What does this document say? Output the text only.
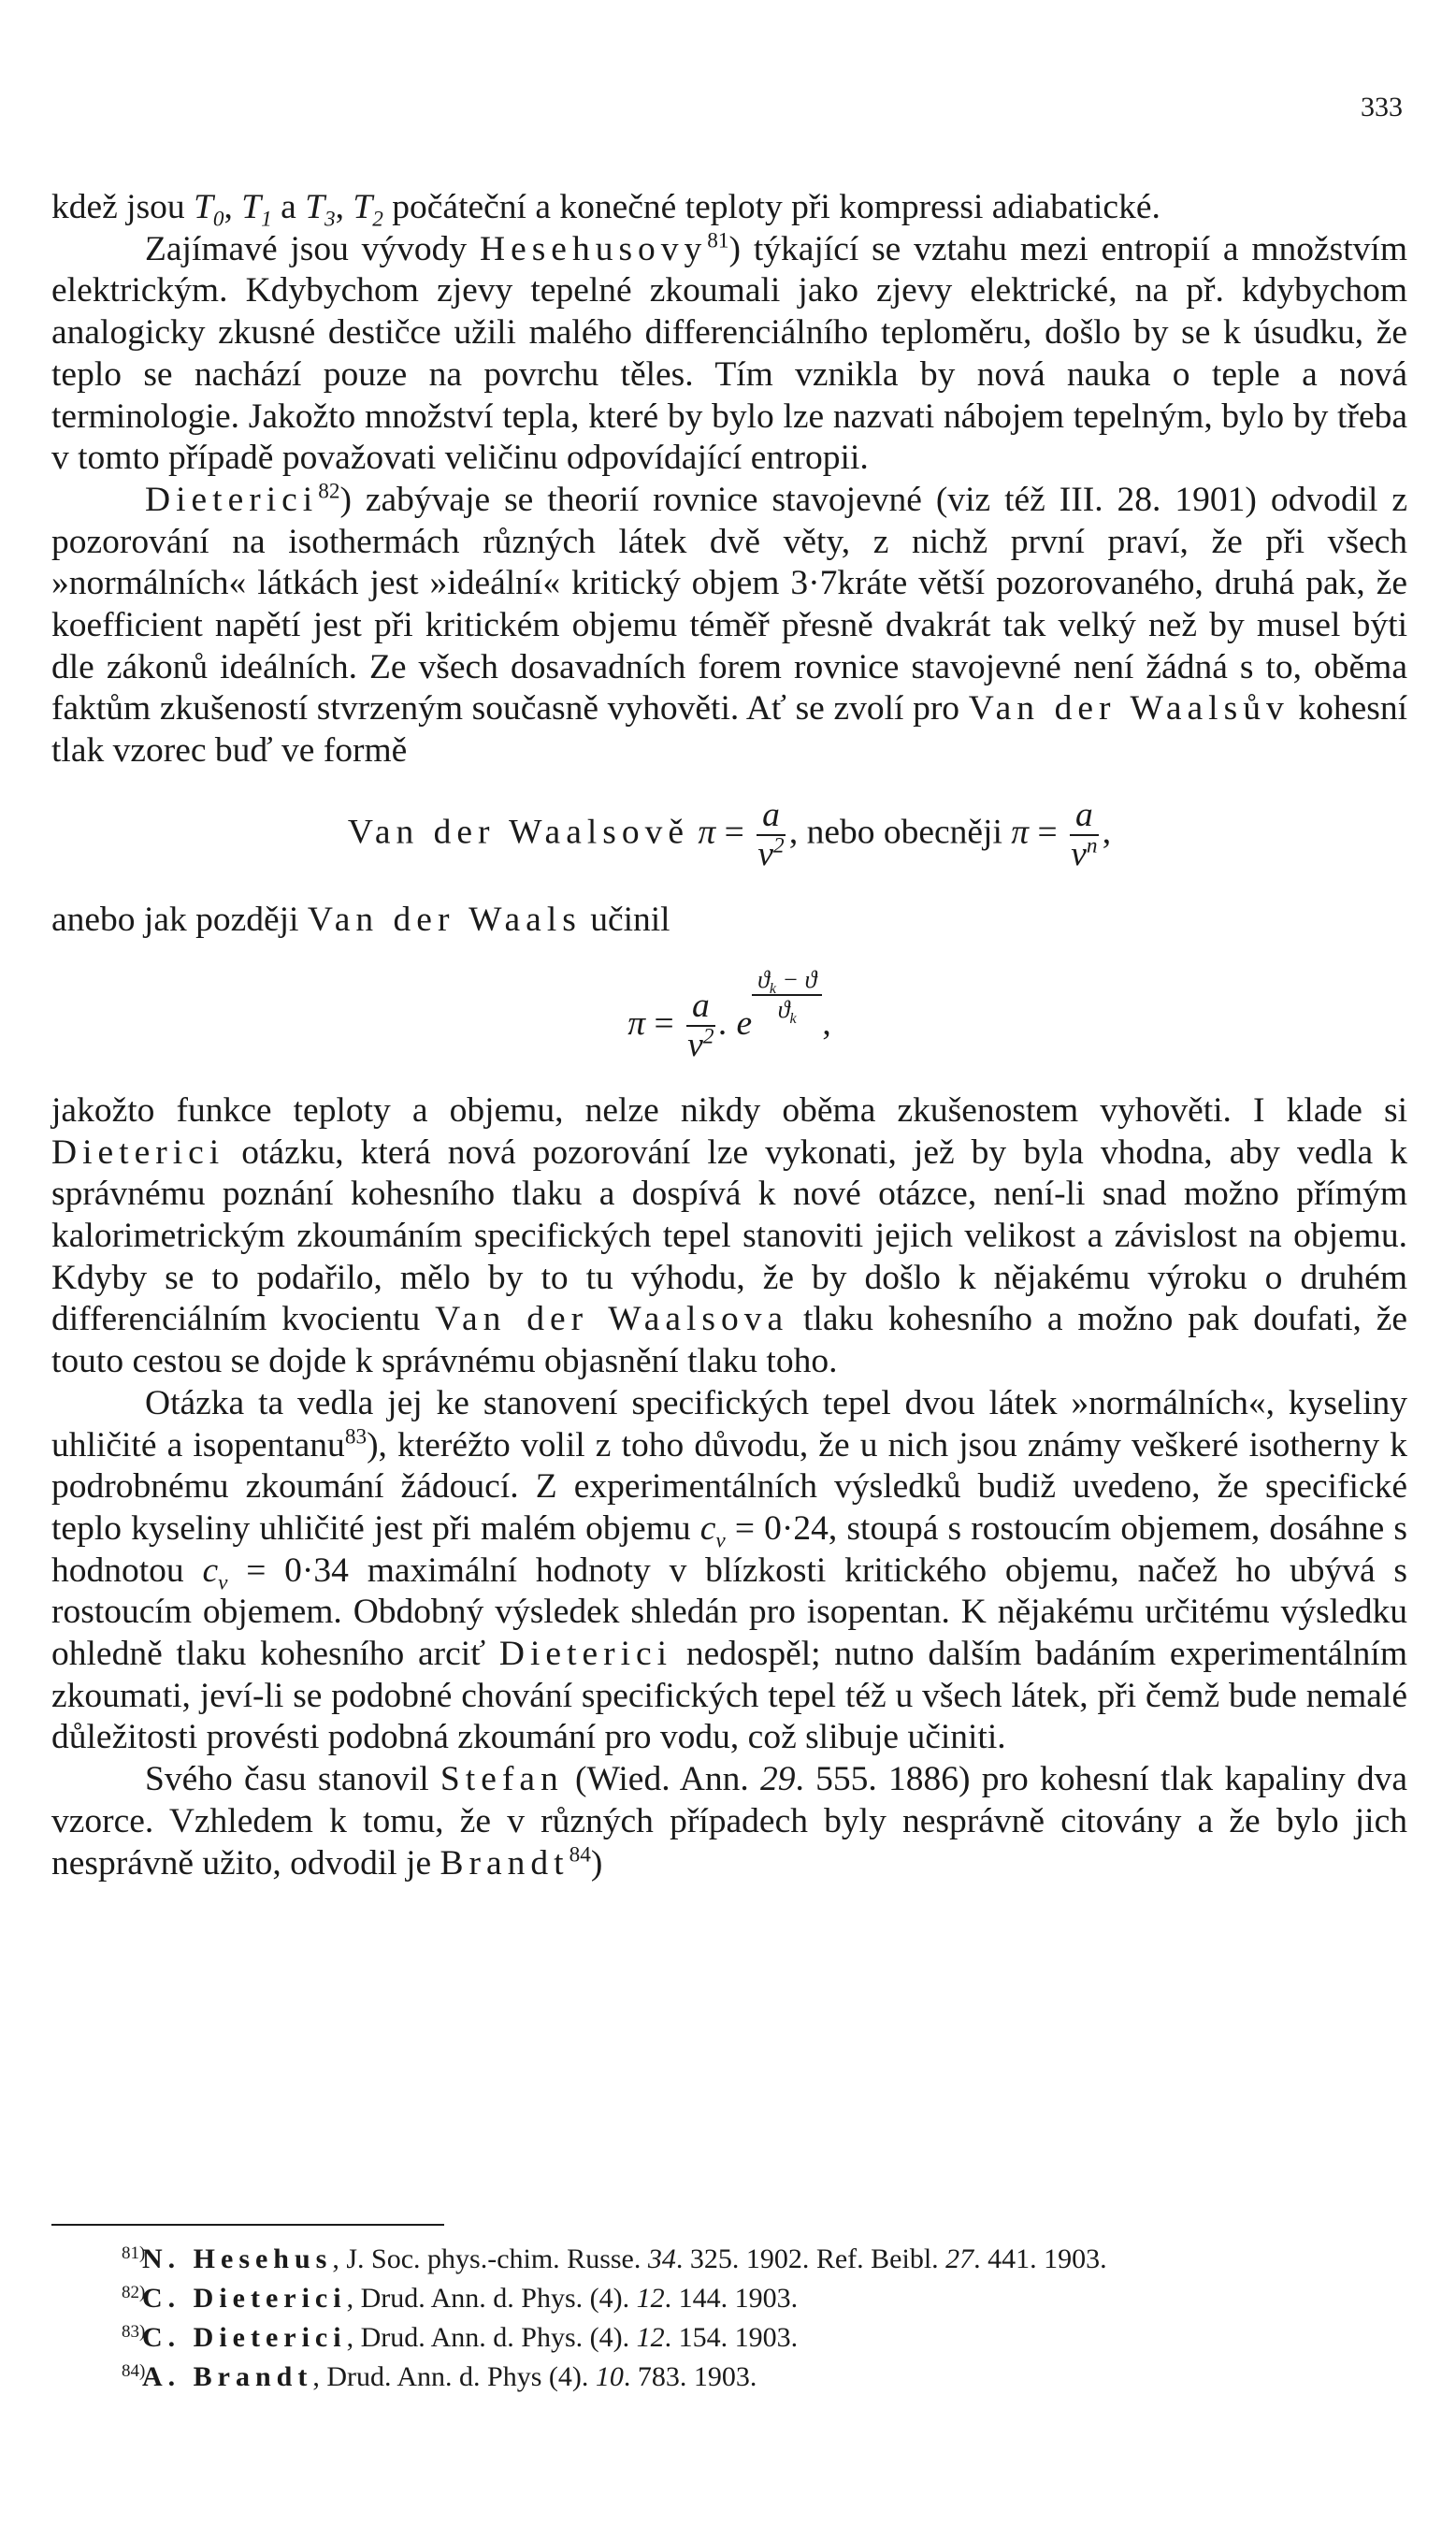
333

kdež jsou $T_0$, $T_1$ a $T_3$, $T_2$ počáteční a konečné teploty při kompressi adiabatické.

Zajímavé jsou vývody Hesehusovy$^{81}$) týkající se vztahu mezi entropií a množstvím elektrickým. Kdybychom zjevy tepelné zkoumali jako zjevy elektrické, na př. kdybychom analogicky zkusné destičce užili malého differenciálního teploměru, došlo by se k úsudku, že teplo se nachází pouze na povrchu těles. Tím vznikla by nová nauka o teple a nová terminologie. Jakožto množství tepla, které by bylo lze nazvati nábojem tepelným, bylo by třeba v tomto případě považovati veličinu odpovídající entropii.

Dieterici$^{82}$) zabývaje se theorií rovnice stavojevné (viz též III. 28. 1901) odvodil z pozorování na isothermách různých látek dvě věty, z nichž první praví, že při všech »normálních« látkách jest »ideální« kritický objem 3·7kráte větší pozorovaného, druhá pak, že koefficient napětí jest při kritickém objemu téměř přesně dvakrát tak velký než by musel býti dle zákonů ideálních. Ze všech dosavadních forem rovnice stavojevné není žádná s to, oběma faktům zkušeností stvrzeným současně vyhověti. Ať se zvolí pro Van der Waalsův kohesní tlak vzorec buď ve formě

Van der Waalsově $\pi = \frac{a}{v^2}$ , nebo obecněji $\pi = \frac{a}{v^n}$ ,

anebo jak později Van der Waals učinil

$\pi = \frac{a}{v^2}$ . e $\frac{ϑ_k - ϑ}{ϑ_k}$ ,

jakožto funkce teploty a objemu, nelze nikdy oběma zkušenostem vyhověti. I klade si Dieterici otázku, která nová pozorování lze vykonati, jež by byla vhodna, aby vedla k správnému poznání kohesního tlaku a dospívá k nové otázce, není-li snad možno přímým kalorimetrickým zkoumáním specifických tepel stanoviti jejich velikost a závislost na objemu. Kdyby se to podařilo, mělo by to tu výhodu, že by došlo k nějakému výroku o druhém differenciálním kvocientu Van der Waalsova tlaku kohesního a možno pak doufati, že touto cestou se dojde k správnému objasnění tlaku toho.

Otázka ta vedla jej ke stanovení specifických tepel dvou látek »normálních«, kyseliny uhličité a isopentanu$^{83}$), kteréžto volil z toho důvodu, že u nich jsou známy veškeré isotherny k podrobnému zkoumání žádoucí. Z experimentálních výsledků budiž uvedeno, že specifické teplo kyseliny uhličité jest při malém objemu $c_v = 0\cdot 24$, stoupá s rostoucím objemem, dosáhne s hodnotou $c_v = 0\cdot 34$ maximální hodnoty v blízkosti kritického objemu, načež ho ubývá s rostoucím objemem. Obdobný výsledek shledán pro isopentan. K nějakému určitému výsledku ohledně tlaku kohesního arciť Dieterici nedospěl; nutno dalším badáním experimentálním zkoumati, jeví-li se podobné chování specifických tepel též u všech látek, při čemž bude nemalé důležitosti provésti podobná zkoumání pro vodu, což slibuje učiniti.

Svého času stanovil Stefan (Wied. Ann. 29. 555. 1886) pro kohesní tlak kapaliny dva vzorce. Vzhledem k tomu, že v různých případech byly nesprávně citovány a že bylo jich nesprávně užito, odvodil je Brandt$^{84}$)

81)N. Hesehus, J. Soc. phys.-chim. Russe. 34. 325. 1902. Ref. Beibl. 27. 441. 1903.
82)C. Dieterici, Drud. Ann. d. Phys. (4). 12. 144. 1903.
83)C. Dieterici, Drud. Ann. d. Phys. (4). 12. 154. 1903.
84)A. Brandt, Drud. Ann. d. Phys (4). 10. 783. 1903.
